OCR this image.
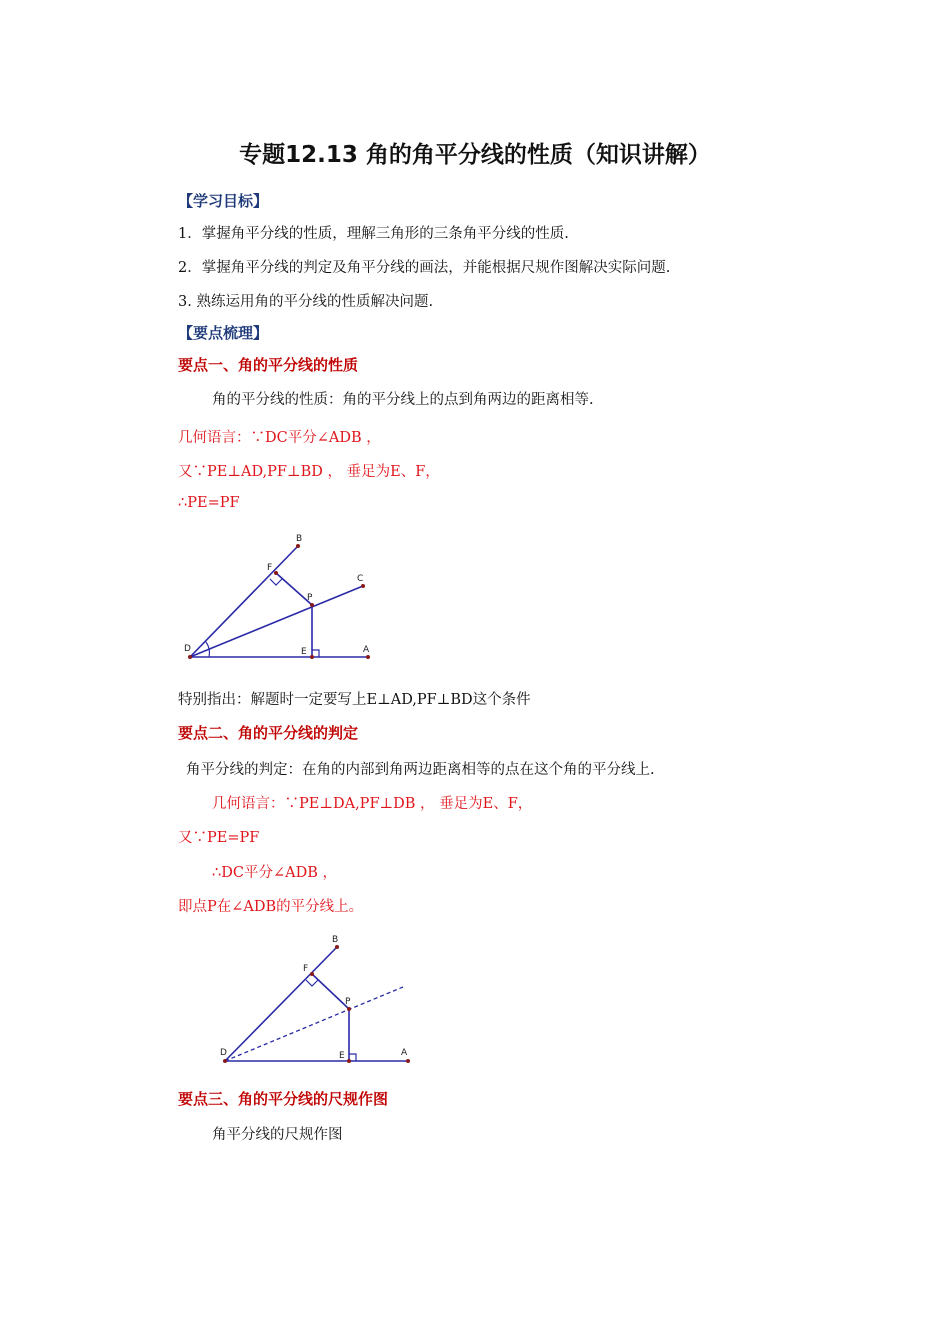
专题12.13 角的角平分线的性质（知识讲解）
【学习目标】
1．掌握角平分线的性质，理解三角形的三条角平分线的性质.
2．掌握角平分线的判定及角平分线的画法，并能根据尺规作图解决实际问题.
3. 熟练运用角的平分线的性质解决问题.
【要点梳理】
要点一、角的平分线的性质
角的平分线的性质：角的平分线上的点到角两边的距离相等.
几何语言：∵DC平分∠ADB ，
又∵PE⊥AD,PF⊥BD ， 垂足为E、F，
∴PE=PF
B
F
C
P
D	E	A
特别指出：解题时一定要写上E⊥AD,PF⊥BD这个条件
要点二、角的平分线的判定
角平分线的判定：在角的内部到角两边距离相等的点在这个角的平分线上.
几何语言：∵PE⊥DA,PF⊥DB ， 垂足为E、F，
又∵PE=PF
∴DC平分∠ADB ，
即点P在∠ADB的平分线上。
B
F
P
D	E	A
要点三、角的平分线的尺规作图
角平分线的尺规作图
